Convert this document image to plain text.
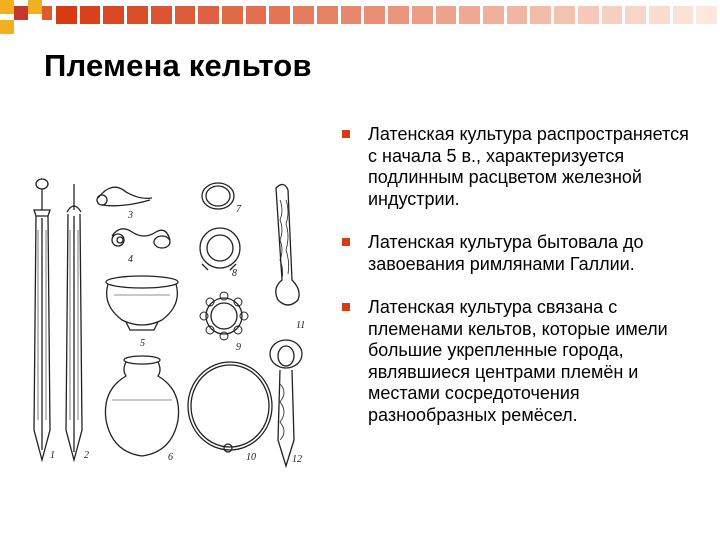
Племена кельтов
1	2
3
4
5
6
7
8
9
10
11
12
Латенская культура распространяется с начала 5 в., характеризуется подлинным расцветом железной индустрии.
Латенская культура бытовала до завоевания римлянами Галлии.
Латенская культура связана с племенами кельтов, которые имели большие укрепленные города, являвшиеся центрами племён и местами сосредоточения разнообразных ремёсел.
